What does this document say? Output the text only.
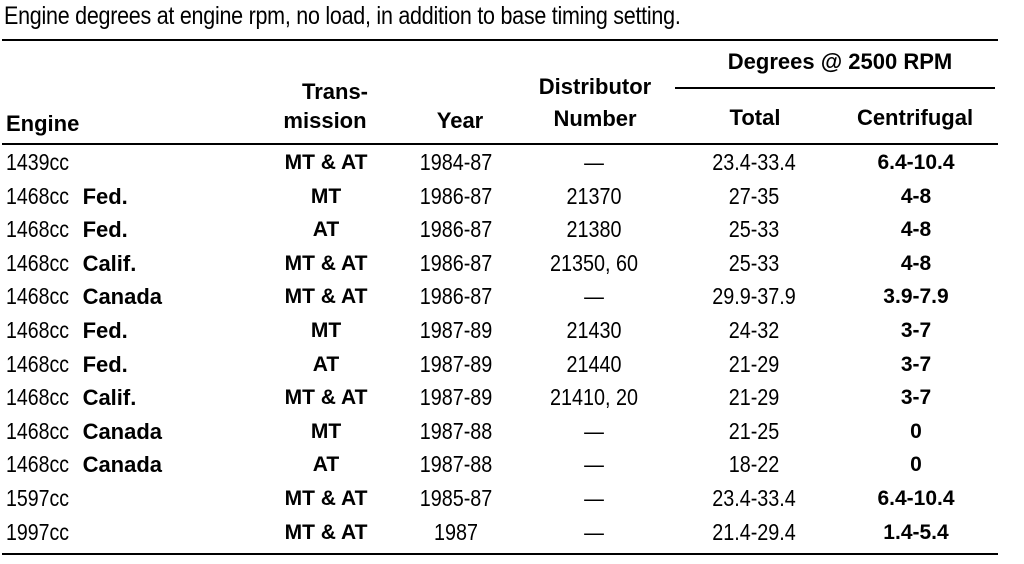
Engine degrees at engine rpm, no load, in addition to base timing setting.
Engine
Trans-
mission	Year
Distributor
Number
Degrees @ 2500 RPM
Total	Centrifugal
1439cc	MT & AT 1984-87	—	23.4-33.4	6.4-10.4
1468cc Fed.	MT	1986-87	21370	27-35	4-8
1468cc Fed.	AT	1986-87	21380	25-33	4-8
1468cc Calif.	MT & AT 1986-87	21350, 60	25-33	4-8
1468cc Canada	MT & AT 1986-87	—	29.9-37.9	3.9-7.9
1468cc Fed.	MT	1987-89	21430	24-32	3-7
1468cc Fed.	AT	1987-89	21440	21-29	3-7
1468cc Calif.	MT & AT 1987-89	21410, 20	21-29	3-7
1468cc Canada	MT	1987-88	—	21-25	0
1468cc Canada	AT	1987-88	—	18-22	0
1597cc	MT & AT 1985-87	—	23.4-33.4	6.4-10.4
1997cc	MT & AT	1987	—	21.4-29.4	1.4-5.4
